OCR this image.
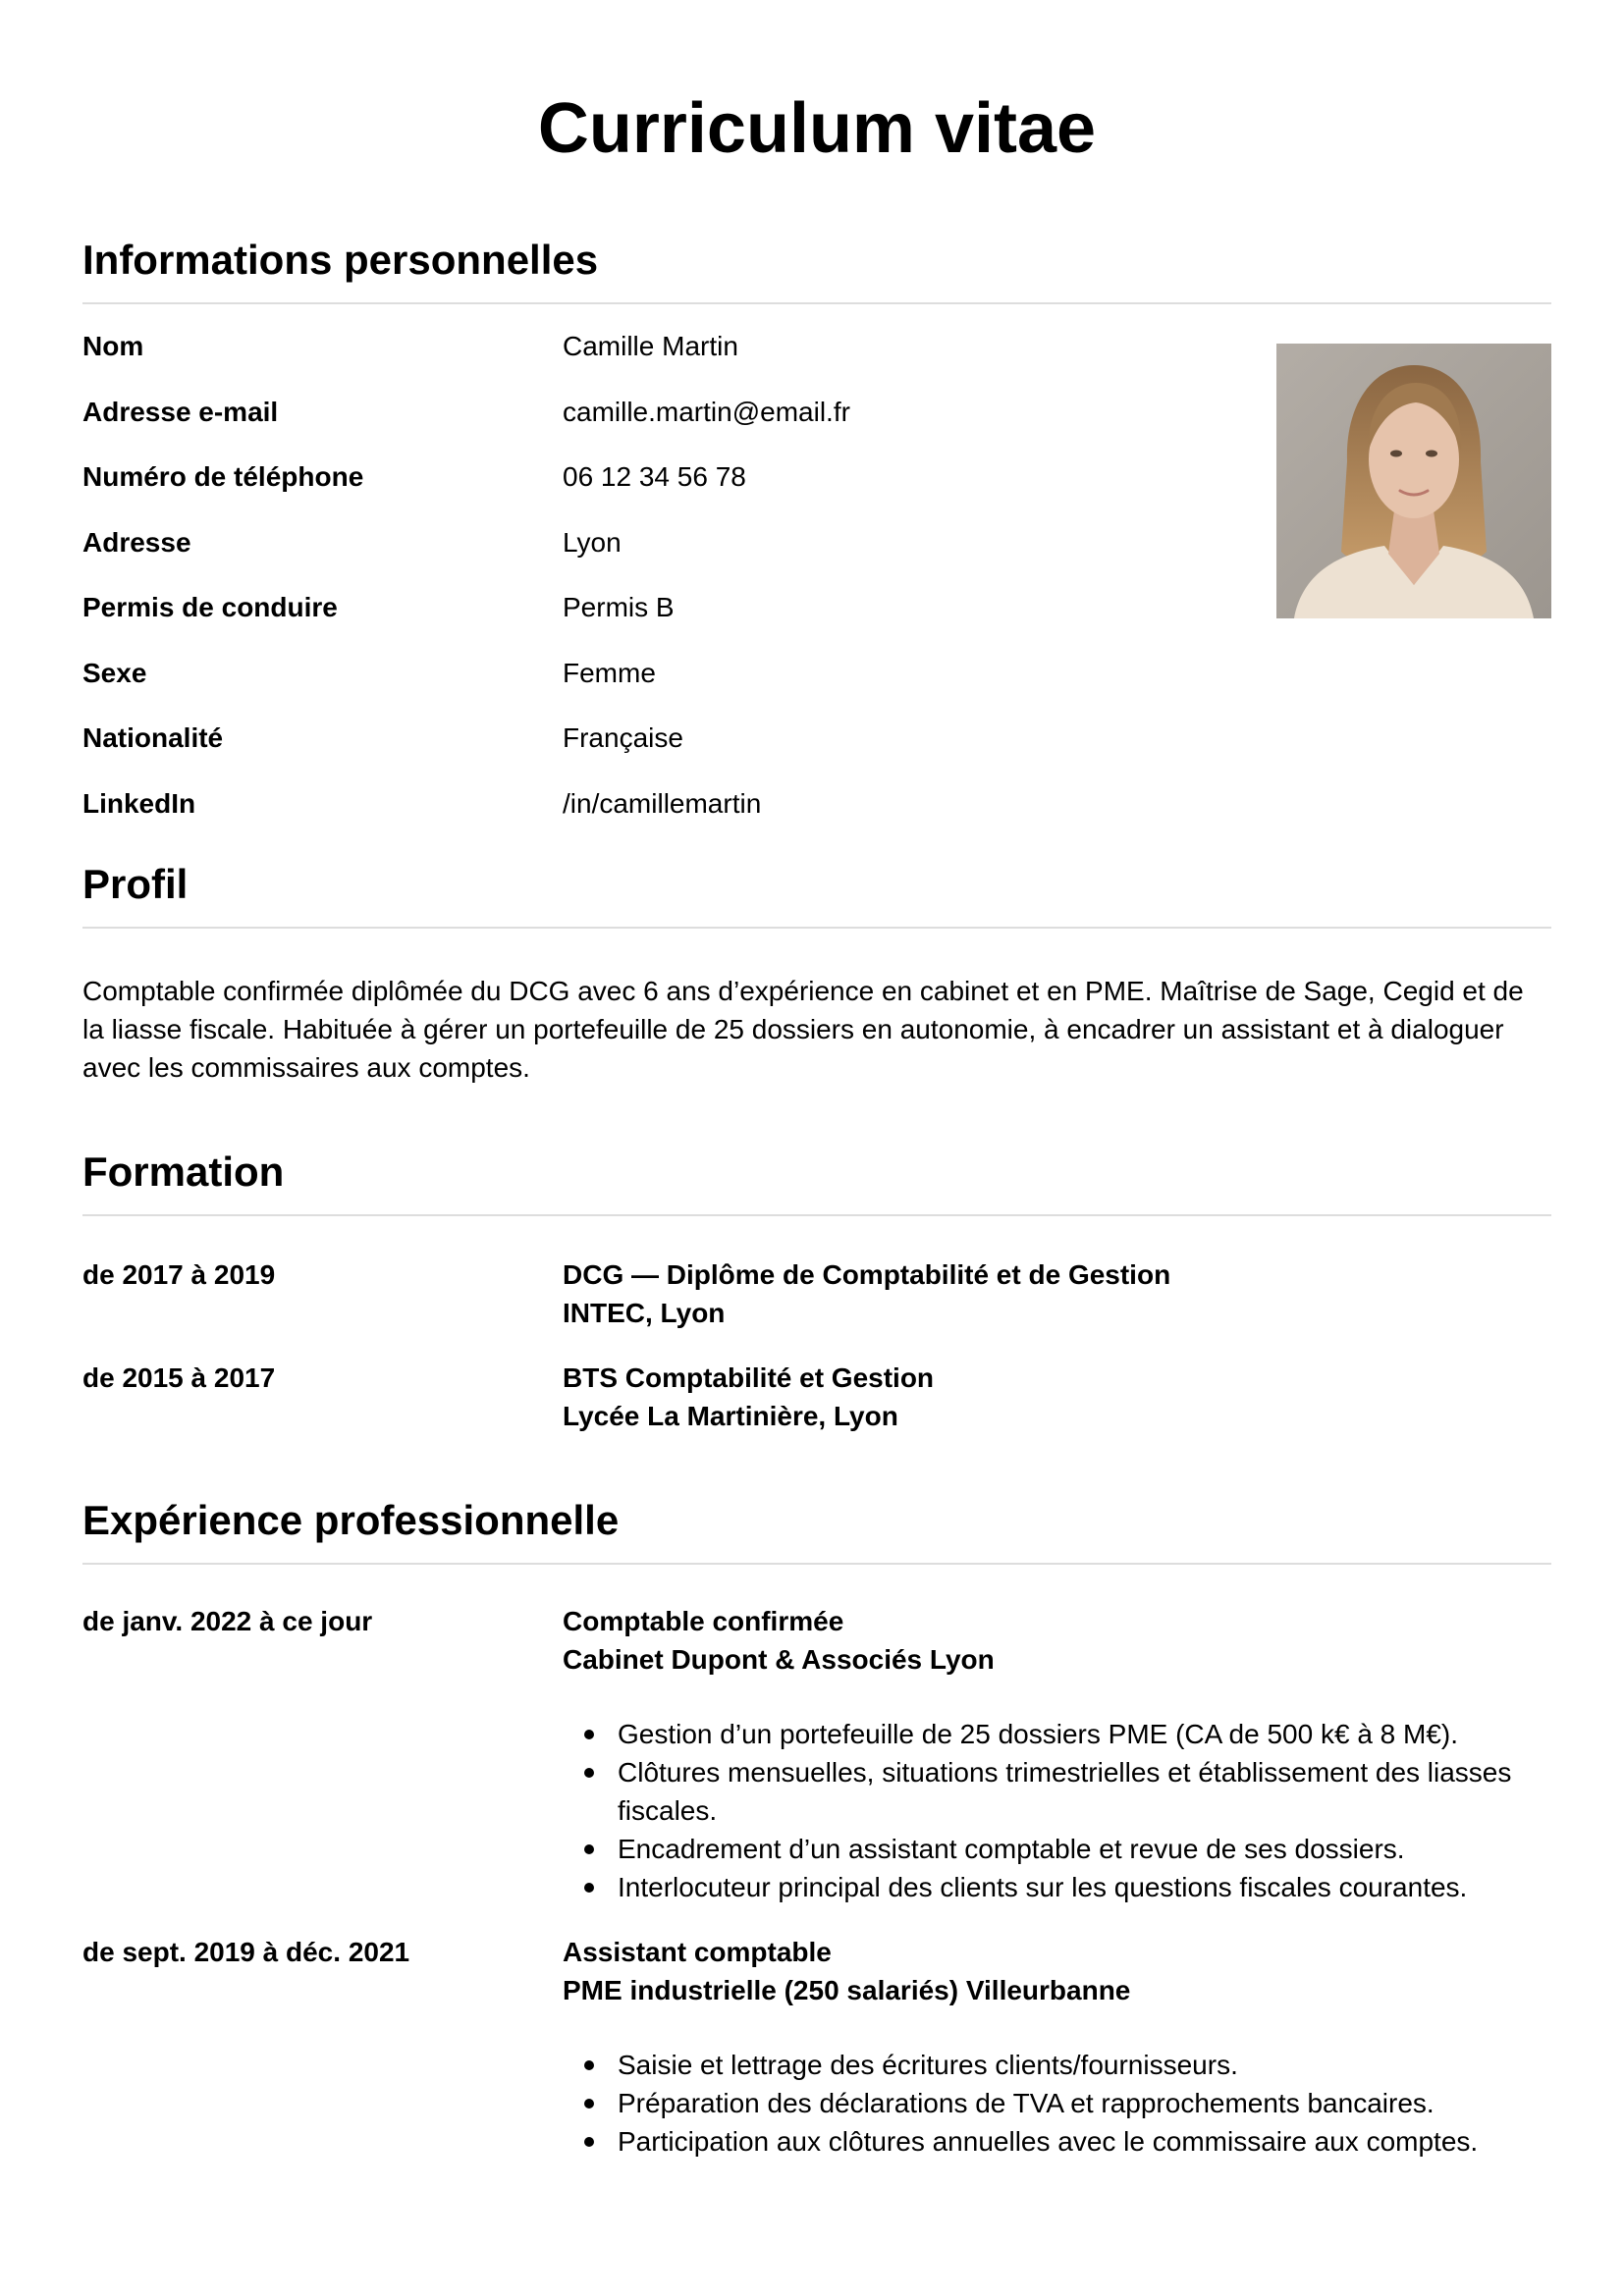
Curriculum vitae
Informations personnelles
Nom	Camille Martin
Adresse e-mail	camille.martin@email.fr
Numéro de téléphone	06 12 34 56 78
Adresse	Lyon
Permis de conduire	Permis B
Sexe	Femme
Nationalité	Française
LinkedIn	/in/camillemartin
Profil

Comptable confirmée diplômée du DCG avec 6 ans d’expérience en cabinet et en PME. Maîtrise de Sage, Cegid et de la liasse fiscale. Habituée à gérer un portefeuille de 25 dossiers en autonomie, à encadrer un assistant et à dialoguer avec les commissaires aux comptes.

Formation
de 2017 à 2019	DCG — Diplôme de Comptabilité et de Gestion
INTEC, Lyon
de 2015 à 2017	BTS Comptabilité et Gestion
Lycée La Martinière, Lyon
Expérience professionnelle
de janv. 2022 à ce jour	Comptable confirmée
Cabinet Dupont & Associés Lyon
Gestion d’un portefeuille de 25 dossiers PME (CA de 500 k€ à 8 M€).
Clôtures mensuelles, situations trimestrielles et établissement des liasses fiscales.
Encadrement d’un assistant comptable et revue de ses dossiers.
Interlocuteur principal des clients sur les questions fiscales courantes.
de sept. 2019 à déc. 2021	Assistant comptable
PME industrielle (250 salariés) Villeurbanne
Saisie et lettrage des écritures clients/fournisseurs.
Préparation des déclarations de TVA et rapprochements bancaires.
Participation aux clôtures annuelles avec le commissaire aux comptes.
